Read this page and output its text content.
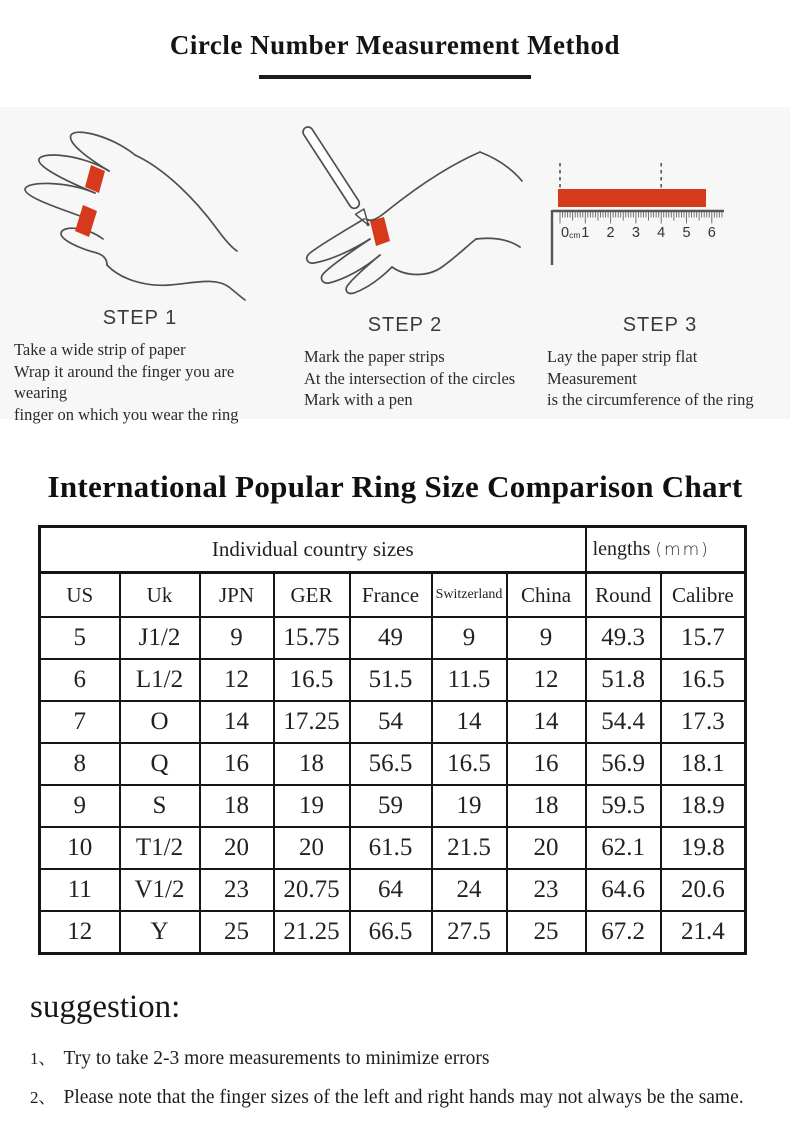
Circle Number Measurement Method
STEP 1
Take a wide strip of paper
Wrap it around the finger you are wearing
finger on which you wear the ring
STEP 2
Mark the paper strips
At the intersection of the circles
Mark with a pen
0cm 1 2 3 4 5 6
STEP 3
Lay the paper strip flat
Measurement
is the circumference of the ring
International Popular Ring Size Comparison Chart
Individual country sizes							lengths (mm)	
US	Uk	JPN	GER	France	Switzerland	China	Round	Calibre
5	J1/2	9	15.75	49	9	9	49.3	15.7
6	L1/2	12	16.5	51.5	11.5	12	51.8	16.5
7	O	14	17.25	54	14	14	54.4	17.3
8	Q	16	18	56.5	16.5	16	56.9	18.1
9	S	18	19	59	19	18	59.5	18.9
10	T1/2	20	20	61.5	21.5	20	62.1	19.8
11	V1/2	23	20.75	64	24	23	64.6	20.6
12	Y	25	21.25	66.5	27.5	25	67.2	21.4
suggestion:
1、 Try to take 2-3 more measurements to minimize errors
2、 Please note that the finger sizes of the left and right hands may not always be the same.
